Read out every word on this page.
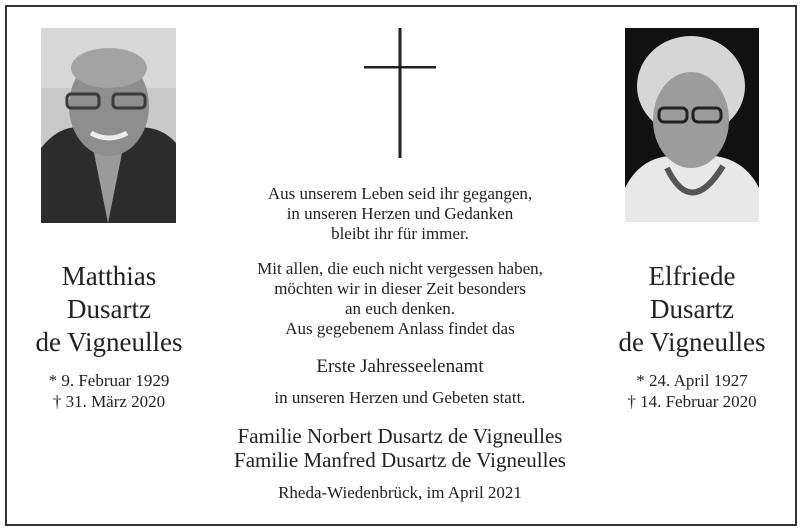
Matthias
Dusartz
de Vigneulles
* 9. Februar 1929
† 31. März 2020
Elfriede
Dusartz
de Vigneulles
* 24. April 1927
† 14. Februar 2020
Aus unserem Leben seid ihr gegangen,
in unseren Herzen und Gedanken
bleibt ihr für immer.
Mit allen, die euch nicht vergessen haben,
möchten wir in dieser Zeit besonders
an euch denken.
Aus gegebenem Anlass findet das
Erste Jahresseelenamt
in unseren Herzen und Gebeten statt.
Familie Norbert Dusartz de Vigneulles
Familie Manfred Dusartz de Vigneulles
Rheda-Wiedenbrück, im April 2021
